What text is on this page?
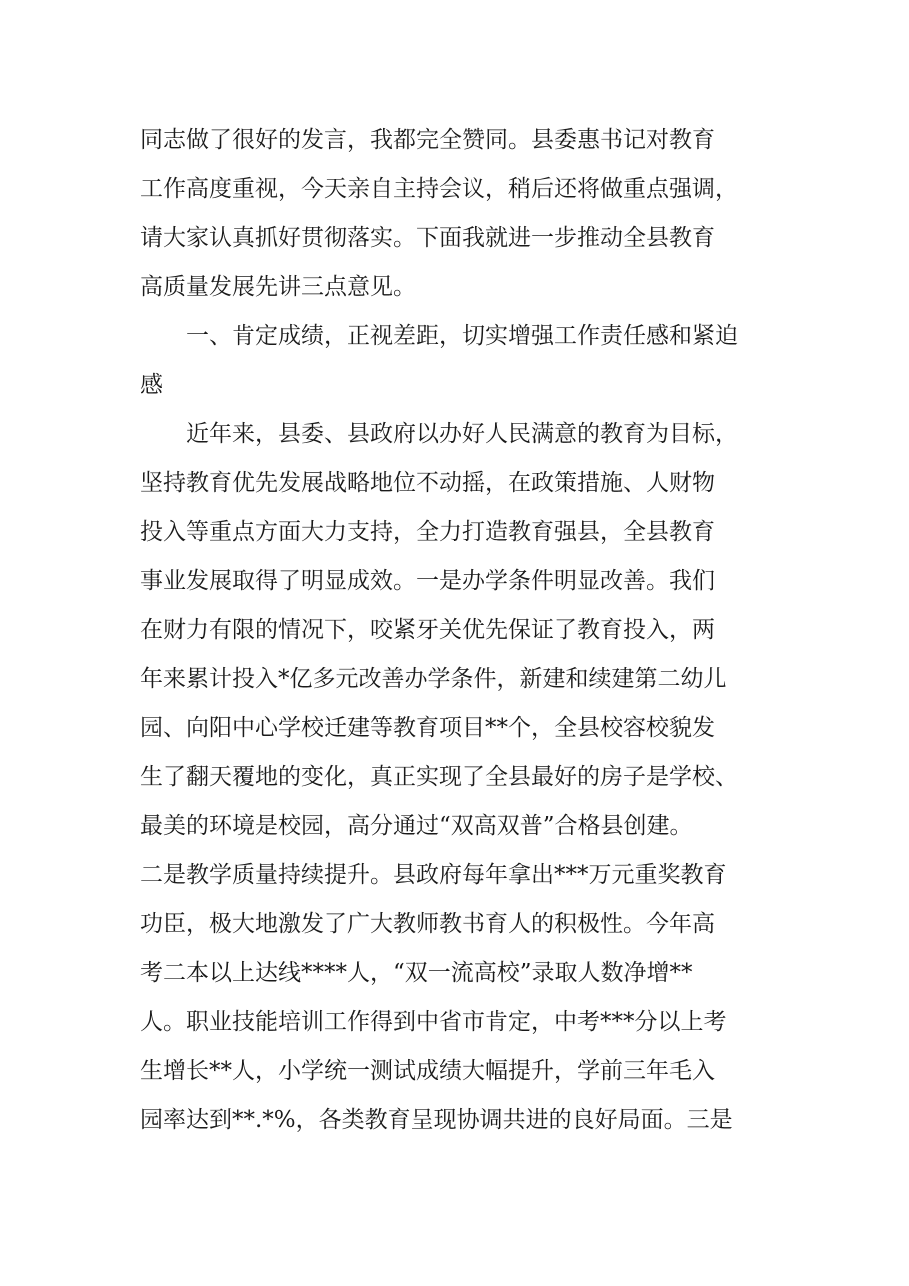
同志做了很好的发言，我都完全赞同。县委惠书记对教育
工作高度重视，今天亲自主持会议，稍后还将做重点强调，
请大家认真抓好贯彻落实。下面我就进一步推动全县教育
高质量发展先讲三点意见。
　　一、肯定成绩，正视差距，切实增强工作责任感和紧迫
感
　　近年来，县委、县政府以办好人民满意的教育为目标，
坚持教育优先发展战略地位不动摇，在政策措施、人财物
投入等重点方面大力支持，全力打造教育强县，全县教育
事业发展取得了明显成效。一是办学条件明显改善。我们
在财力有限的情况下，咬紧牙关优先保证了教育投入，两
年来累计投入*亿多元改善办学条件，新建和续建第二幼儿
园、向阳中心学校迁建等教育项目**个，全县校容校貌发
生了翻天覆地的变化，真正实现了全县最好的房子是学校、
最美的环境是校园，高分通过“双高双普”合格县创建。
二是教学质量持续提升。县政府每年拿出***万元重奖教育
功臣，极大地激发了广大教师教书育人的积极性。今年高
考二本以上达线****人，“双一流高校”录取人数净增**
人。职业技能培训工作得到中省市肯定，中考***分以上考
生增长**人，小学统一测试成绩大幅提升，学前三年毛入
园率达到**.*%，各类教育呈现协调共进的良好局面。三是
